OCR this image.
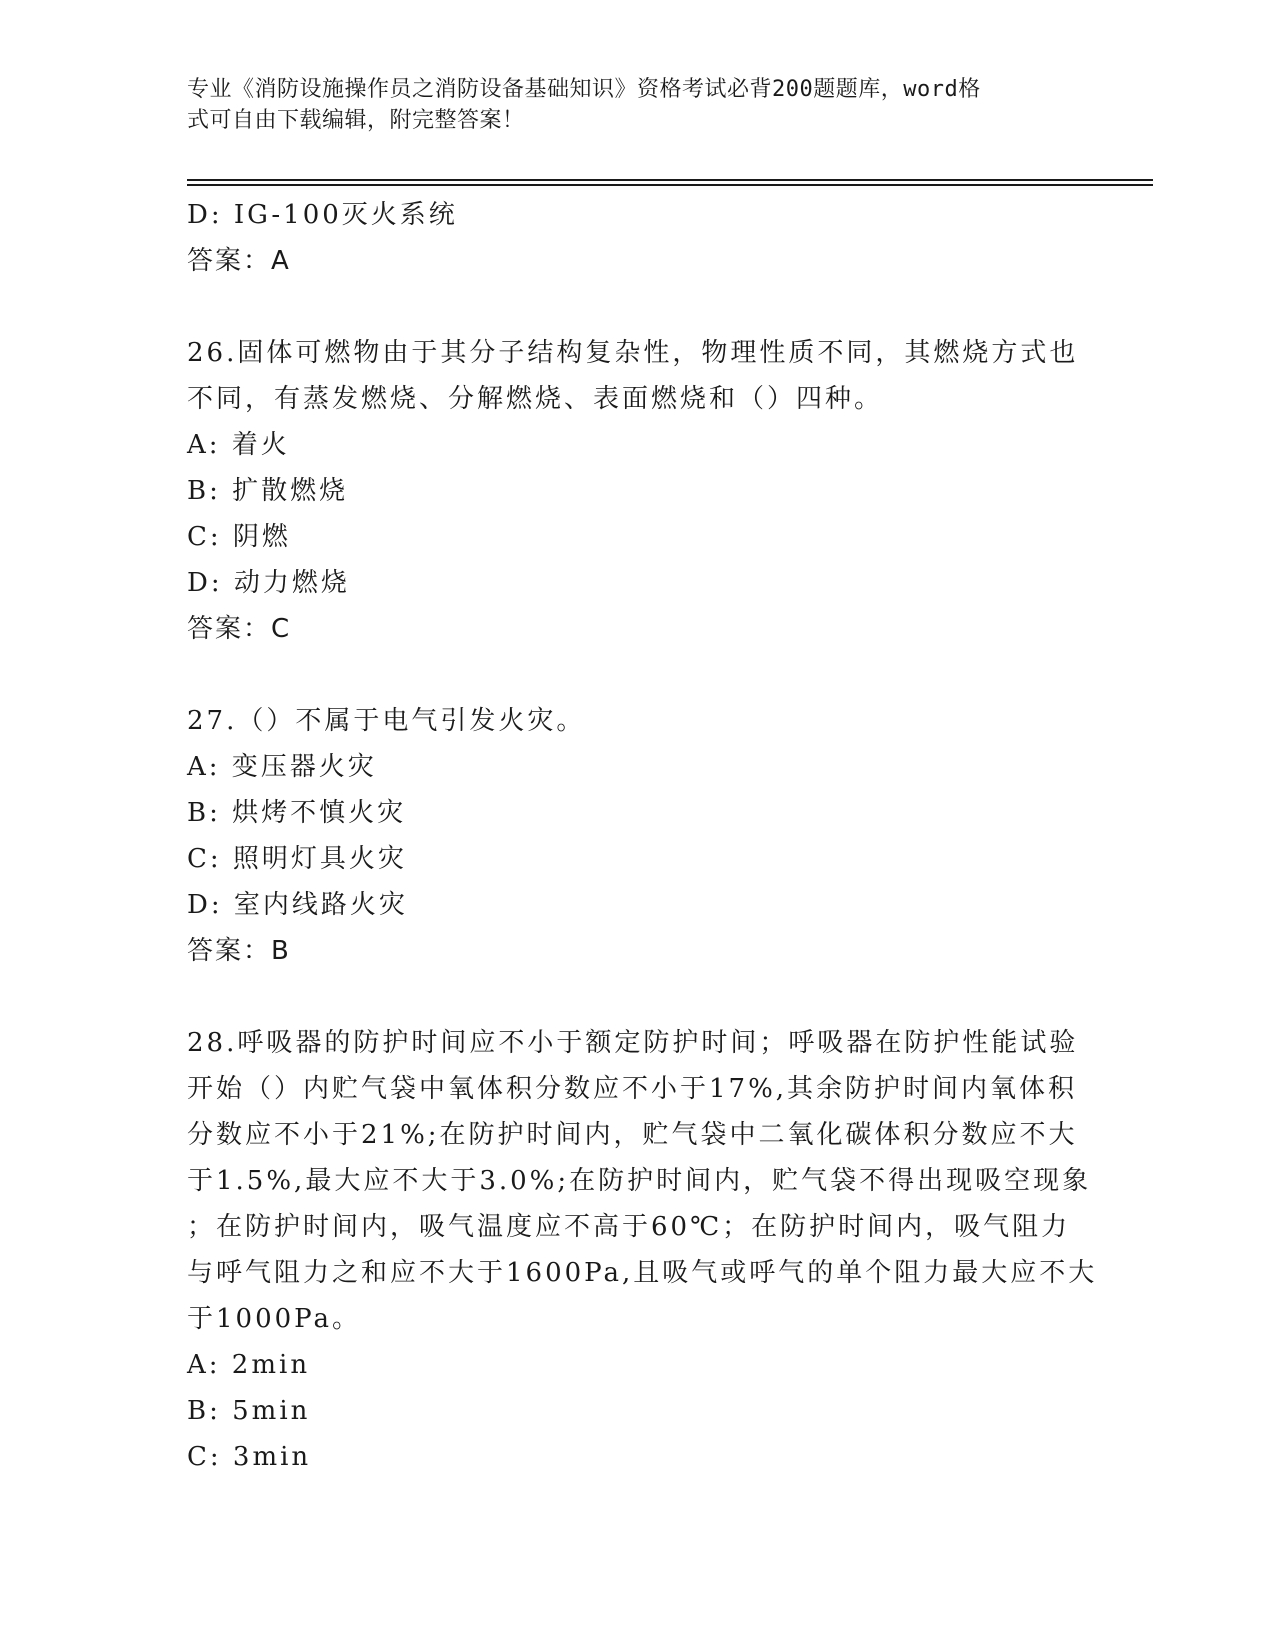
专业《消防设施操作员之消防设备基础知识》资格考试必背200题题库，word格
式可自由下载编辑，附完整答案！
D: IG-100灭火系统
答案：A
26.固体可燃物由于其分子结构复杂性，物理性质不同，其燃烧方式也
不同，有蒸发燃烧、分解燃烧、表面燃烧和（）四种。
A: 着火
B: 扩散燃烧
C: 阴燃
D: 动力燃烧
答案：C
27.（）不属于电气引发火灾。
A: 变压器火灾
B: 烘烤不慎火灾
C: 照明灯具火灾
D: 室内线路火灾
答案：B
28.呼吸器的防护时间应不小于额定防护时间；呼吸器在防护性能试验
开始（）内贮气袋中氧体积分数应不小于17%,其余防护时间内氧体积
分数应不小于21%;在防护时间内，贮气袋中二氧化碳体积分数应不大
于1.5%,最大应不大于3.0%;在防护时间内，贮气袋不得出现吸空现象
；在防护时间内，吸气温度应不高于60℃；在防护时间内，吸气阻力
与呼气阻力之和应不大于1600Pa,且吸气或呼气的单个阻力最大应不大
于1000Pa。
A: 2min
B: 5min
C: 3min
